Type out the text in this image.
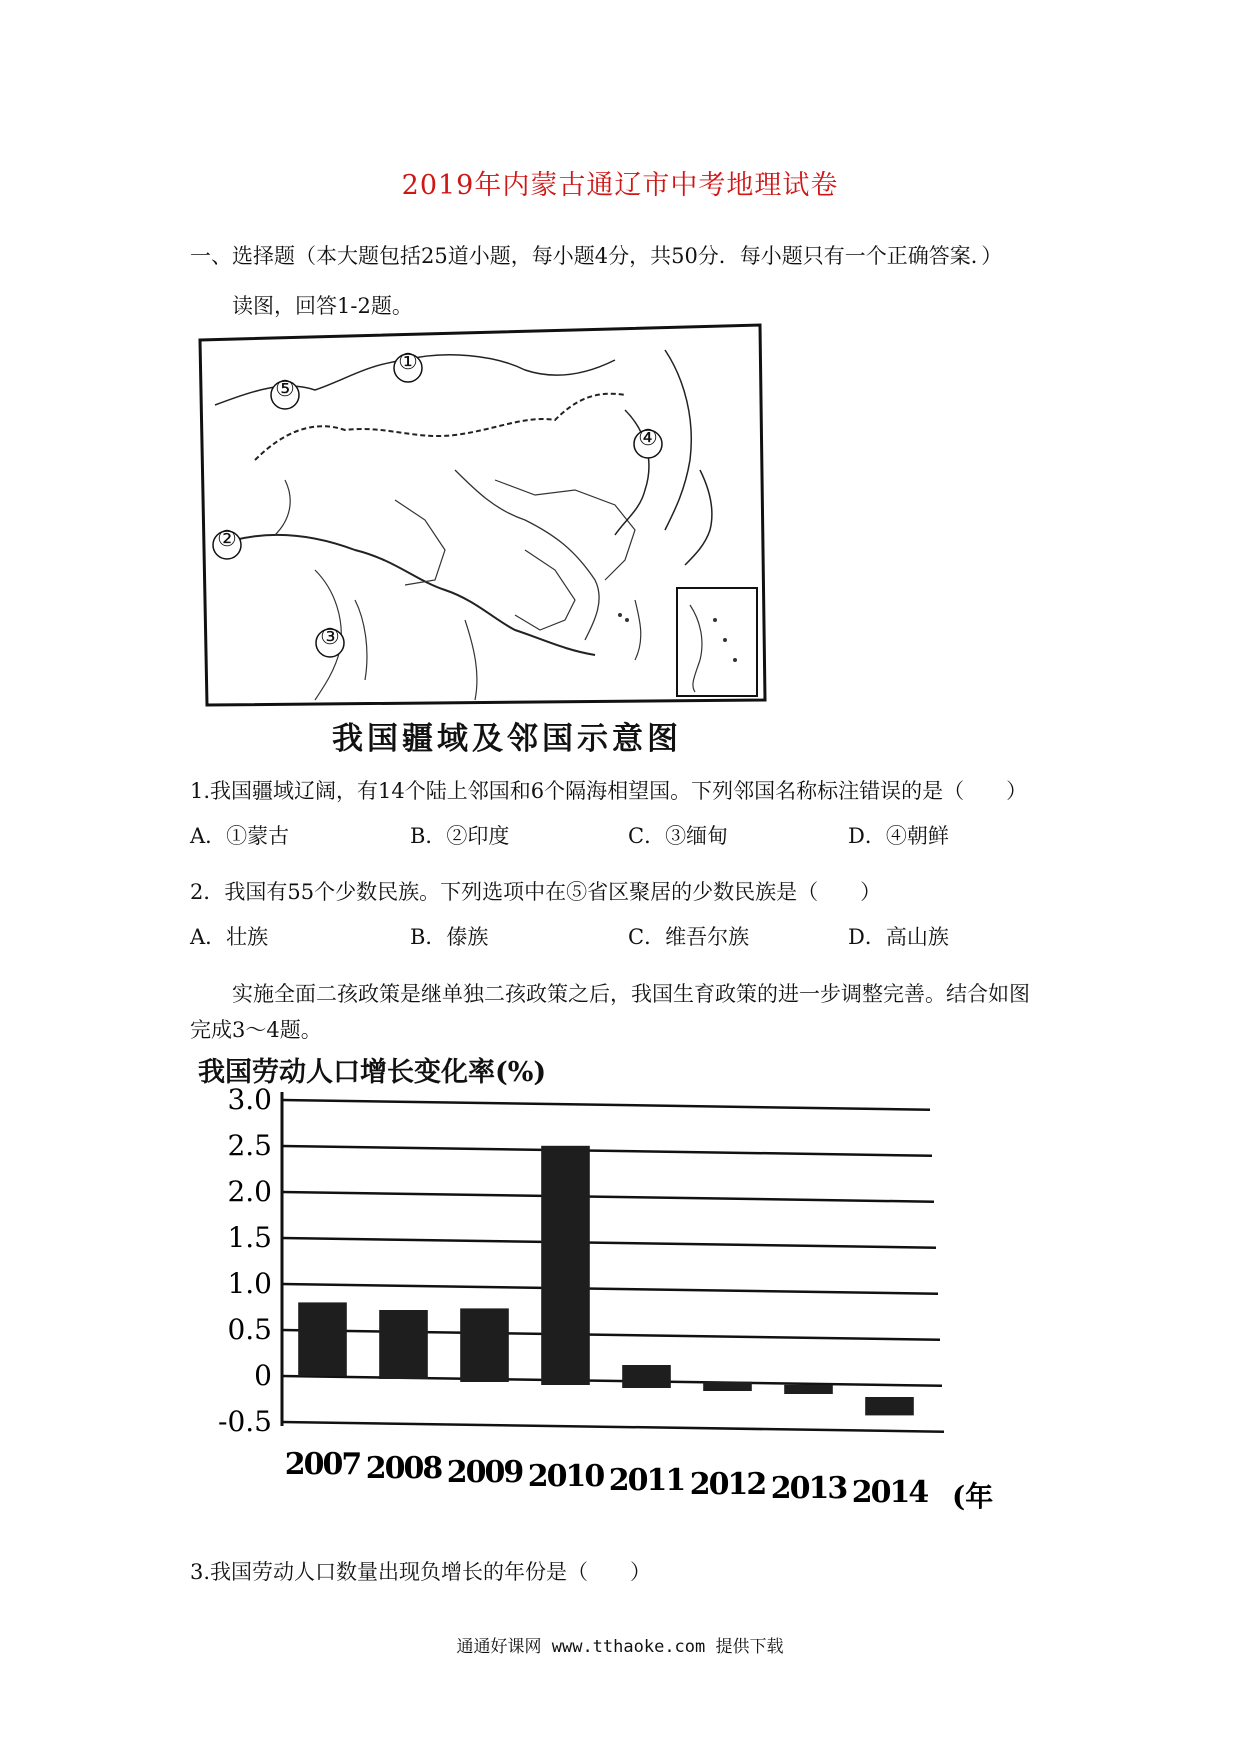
2019年内蒙古通辽市中考地理试卷
一、选择题（本大题包括25道小题，每小题4分，共50分．每小题只有一个正确答案．）
读图，回答1-2题。
①
⑤
④
②
③
我国疆域及邻国示意图
1.我国疆域辽阔，有14个陆上邻国和6个隔海相望国。下列邻国名称标注错误的是（　　）
A．①蒙古	B．②印度	C．③缅甸	D．④朝鲜
2．我国有55个少数民族。下列选项中在⑤省区聚居的少数民族是（　　）
A．壮族	B．傣族	C．维吾尔族	D．高山族
实施全面二孩政策是继单独二孩政策之后，我国生育政策的进一步调整完善。结合如图
完成3～4题。
我国劳动人口增长变化率(%)
3.0
2.5
2.0
1.5
1.0
0.5
0
-0.5
2007 2008 2009 2010 2011 2012 2013 2014 (年
3.我国劳动人口数量出现负增长的年份是（　　）
通通好课网 www.tthaoke.com 提供下载
